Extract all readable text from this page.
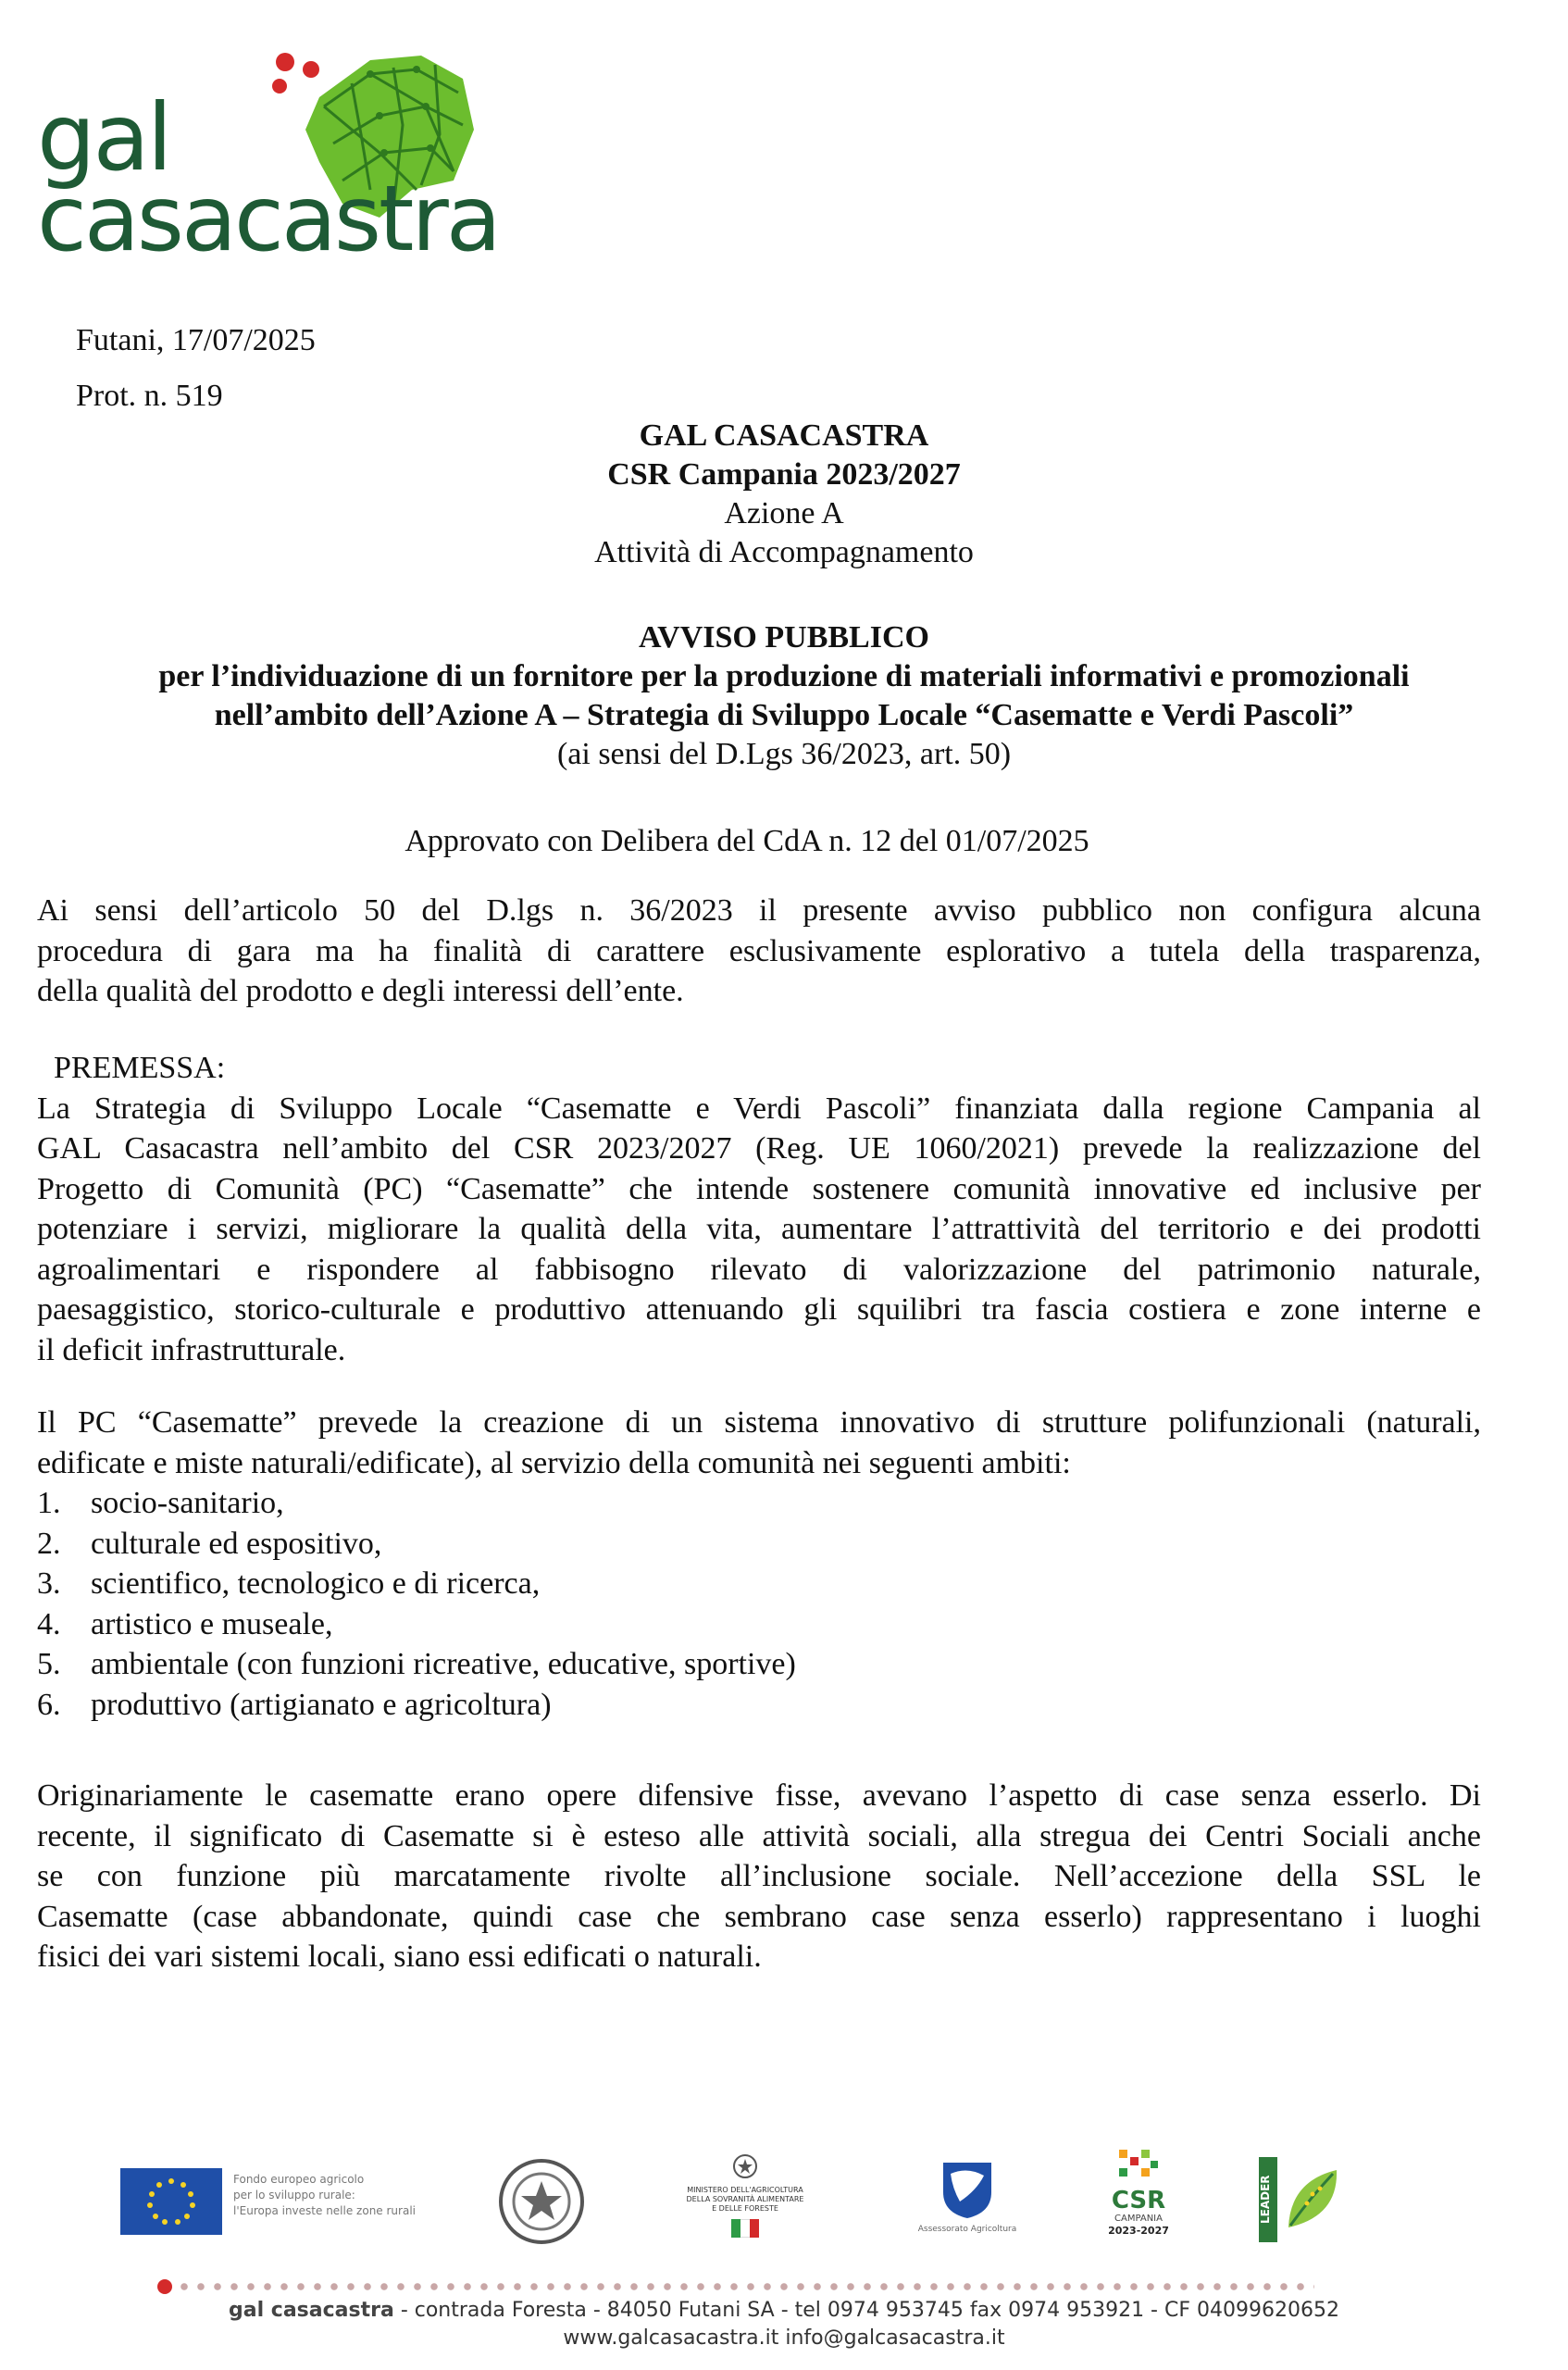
gal
casacastra
Futani, 17/07/2025
Prot. n. 519
GAL CASACASTRA
CSR Campania 2023/2027
Azione A
Attività di Accompagnamento
AVVISO PUBBLICO
per l’individuazione di un fornitore per la produzione di materiali informativi e promozionali
nell’ambito dell’Azione A – Strategia di Sviluppo Locale “Casematte e Verdi Pascoli”
(ai sensi del D.Lgs 36/2023, art. 50)
Approvato con Delibera del CdA n. 12 del 01/07/2025

Ai sensi dell’articolo 50 del D.lgs n. 36/2023 il presente avviso pubblico non configura alcuna

procedura di gara ma ha finalità di carattere esclusivamente esplorativo a tutela della trasparenza,

della qualità del prodotto e degli interessi dell’ente.

PREMESSA:

La Strategia di Sviluppo Locale “Casematte e Verdi Pascoli” finanziata dalla regione Campania al

GAL Casacastra nell’ambito del CSR 2023/2027 (Reg. UE 1060/2021) prevede la realizzazione del

Progetto di Comunità (PC) “Casematte” che intende sostenere comunità innovative ed inclusive per

potenziare i servizi, migliorare la qualità della vita, aumentare l’attrattività del territorio e dei prodotti

agroalimentari e rispondere al fabbisogno rilevato di valorizzazione del patrimonio naturale,

paesaggistico, storico-culturale e produttivo attenuando gli squilibri tra fascia costiera e zone interne e

il deficit infrastrutturale.

Il PC “Casematte” prevede la creazione di un sistema innovativo di strutture polifunzionali (naturali,

edificate e miste naturali/edificate), al servizio della comunità nei seguenti ambiti:

1. socio-sanitario,
2. culturale ed espositivo,
3. scientifico, tecnologico e di ricerca,
4. artistico e museale,
5. ambientale (con funzioni ricreative, educative, sportive)
6. produttivo (artigianato e agricoltura)

Originariamente le casematte erano opere difensive fisse, avevano l’aspetto di case senza esserlo. Di

recente, il significato di Casematte si è esteso alle attività sociali, alla stregua dei Centri Sociali anche

se con funzione più marcatamente rivolte all’inclusione sociale. Nell’accezione della SSL le

Casematte (case abbandonate, quindi case che sembrano case senza esserlo) rappresentano i luoghi

fisici dei vari sistemi locali, siano essi edificati o naturali.

Fondo europeo agricolo
per lo sviluppo rurale:
l'Europa investe nelle zone rurali
MINISTERO DELL'AGRICOLTURA
DELLA SOVRANITÀ ALIMENTARE
E DELLE FORESTE
Assessorato Agricoltura
CSR
CAMPANIA
2023-2027
LEADER
gal casacastra - contrada Foresta - 84050 Futani SA - tel 0974 953745 fax 0974 953921 - CF 04099620652
www.galcasacastra.it info@galcasacastra.it
